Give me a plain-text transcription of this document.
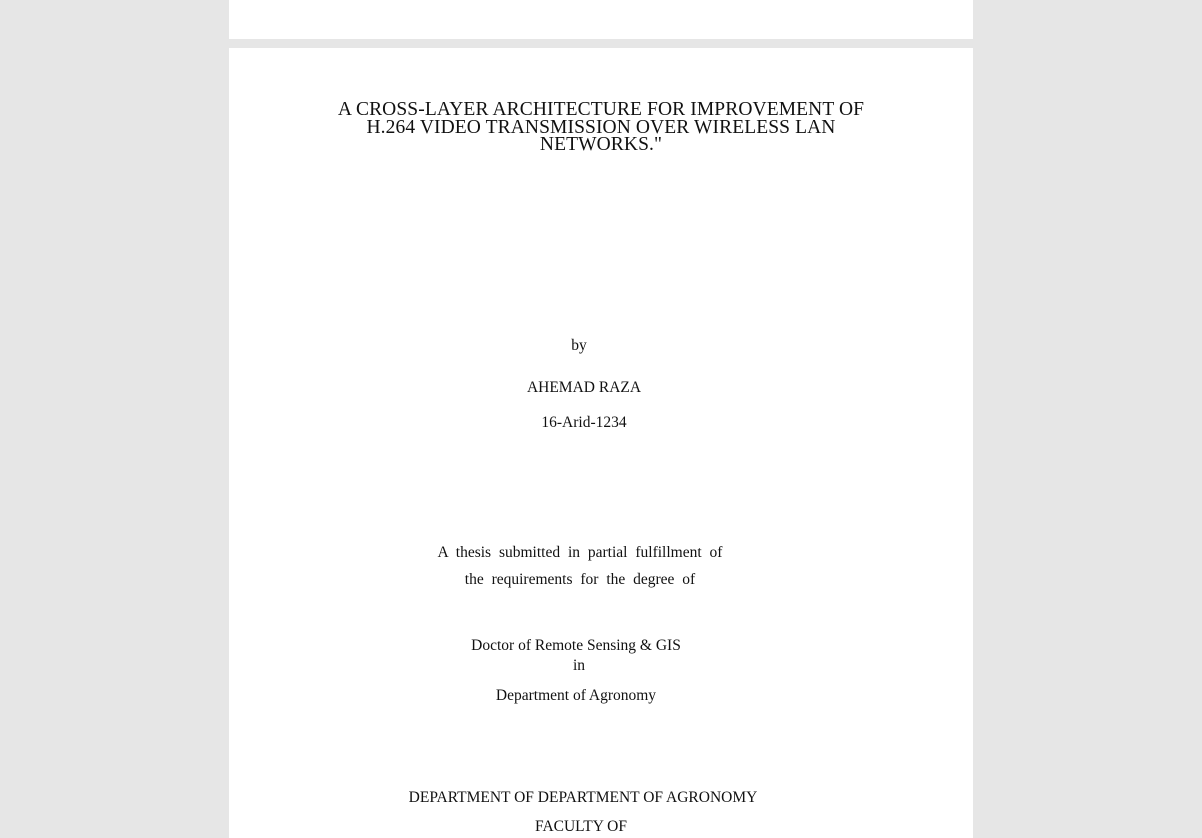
A CROSS-LAYER ARCHITECTURE FOR IMPROVEMENT OF
H.264 VIDEO TRANSMISSION OVER WIRELESS LAN
NETWORKS."
by
AHEMAD RAZA
16-Arid-1234
A thesis submitted in partial fulfillment of
the requirements for the degree of
Doctor of Remote Sensing & GIS
in
Department of Agronomy
DEPARTMENT OF DEPARTMENT OF AGRONOMY
FACULTY OF
